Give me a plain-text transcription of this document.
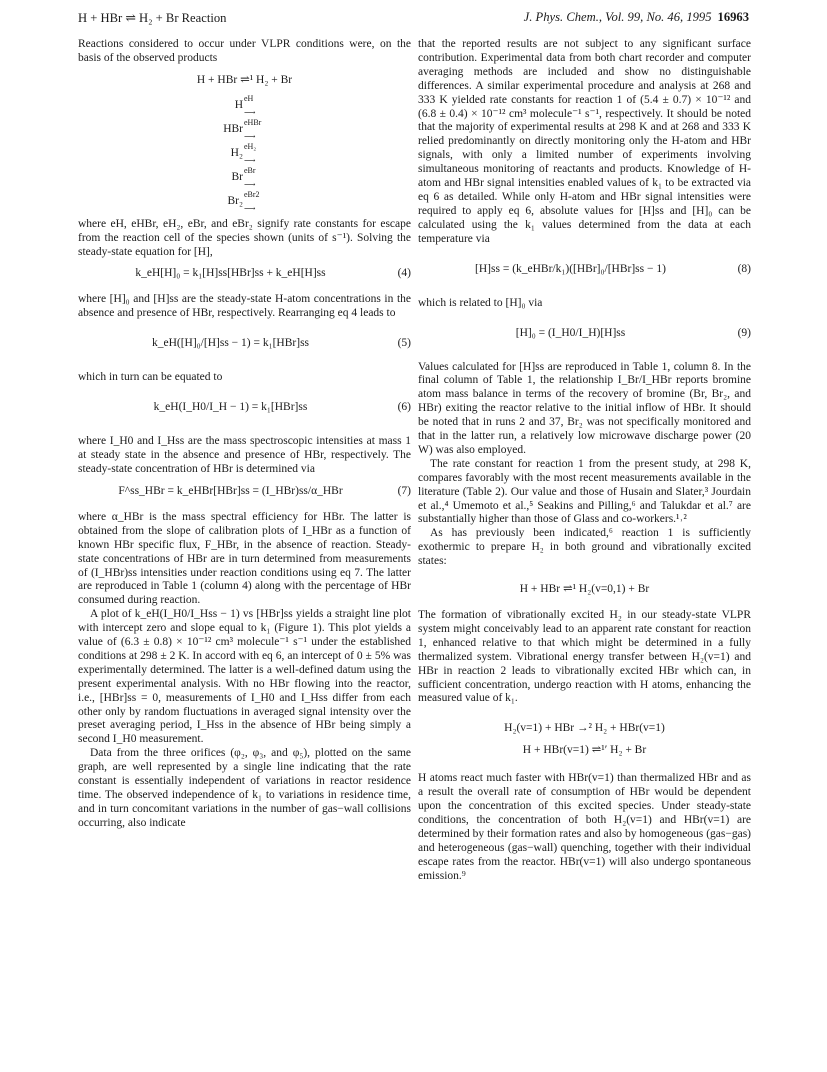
H + HBr ⇌ H₂ + Br Reaction	J. Phys. Chem., Vol. 99, No. 46, 1995 16963

Reactions considered to occur under VLPR conditions were, on the basis of the observed products

H + HBr ⇌¹ H₂ + Br
H
eH
⟶
HBr
eHBr
⟶
H₂
eH₂
⟶
Br
eBr
⟶
Br₂
eBr2
⟶

where eH, eHBr, eH₂, eBr, and eBr₂ signify rate constants for escape from the reaction cell of the species shown (units of s⁻¹). Solving the steady-state equation for [H],

k_eH[H]₀ = k₁[H]ss[HBr]ss + k_eH[H]ss	(4)

where [H]₀ and [H]ss are the steady-state H-atom concentrations in the absence and presence of HBr, respectively. Rearranging eq 4 leads to

k_eH([H]₀/[H]ss − 1) = k₁[HBr]ss	(5)

which in turn can be equated to

k_eH(I_H0/I_H − 1) = k₁[HBr]ss	(6)

where I_H0 and I_Hss are the mass spectroscopic intensities at mass 1 at steady state in the absence and presence of HBr, respectively. The steady-state concentration of HBr is determined via

F^ss_HBr = k_eHBr[HBr]ss = (I_HBr)ss/α_HBr	(7)

where α_HBr is the mass spectral efficiency for HBr. The latter is obtained from the slope of calibration plots of I_HBr as a function of known HBr specific flux, F_HBr, in the absence of reaction. Steady-state concentrations of HBr are in turn determined from measurements of (I_HBr)ss intensities under reaction conditions using eq 7. The latter are reproduced in Table 1 (column 4) along with the percentage of HBr consumed during reaction.

A plot of k_eH(I_H0/I_Hss − 1) vs [HBr]ss yields a straight line plot with intercept zero and slope equal to k₁ (Figure 1). This plot yields a value of (6.3 ± 0.8) × 10⁻¹² cm³ molecule⁻¹ s⁻¹ under the established conditions at 298 ± 2 K. In accord with eq 6, an intercept of 0 ± 5% was experimentally determined. The latter is a well-defined datum using the present experimental analysis. With no HBr flowing into the reactor, i.e., [HBr]ss = 0, measurements of I_H0 and I_Hss differ from each other only by random fluctuations in averaged signal intensity over the preset averaging period, I_Hss in the absence of HBr being simply a second I_H0 measurement.

Data from the three orifices (φ₂, φ₃, and φ₅), plotted on the same graph, are well represented by a single line indicating that the rate constant is essentially independent of variations in reactor residence time. The observed independence of k₁ to variations in residence time, and in turn concomitant variations in the number of gas−wall collisions occurring, also indicate

that the reported results are not subject to any significant surface contribution. Experimental data from both chart recorder and computer averaging methods are included and show no distinguishable differences. A similar experimental procedure and analysis at 268 and 333 K yielded rate constants for reaction 1 of (5.4 ± 0.7) × 10⁻¹² and (6.8 ± 0.4) × 10⁻¹² cm³ molecule⁻¹ s⁻¹, respectively. It should be noted that the majority of experimental results at 298 K and at 268 and 333 K relied predominantly on directly monitoring only the H-atom and HBr signals, with only a limited number of experiments involving simultaneous monitoring of reactants and products. Knowledge of H-atom and HBr signal intensities enabled values of k₁ to be extracted via eq 6 as detailed. While only H-atom and HBr signal intensities were required to apply eq 6, absolute values for [H]ss and [H]₀ can be calculated using the k₁ values determined from the data at each temperature via

[H]ss = (k_eHBr/k₁)([HBr]₀/[HBr]ss − 1)	(8)

which is related to [H]₀ via

[H]₀ = (I_H0/I_H)[H]ss	(9)

Values calculated for [H]ss are reproduced in Table 1, column 8. In the final column of Table 1, the relationship I_Br/I_HBr reports bromine atom mass balance in terms of the recovery of bromine (Br, Br₂, and HBr) exiting the reactor relative to the initial inflow of HBr. It should be noted that in runs 2 and 37, Br₂ was not specifically monitored and that in the latter run, a relatively low microwave discharge power (20 W) was also employed.

The rate constant for reaction 1 from the present study, at 298 K, compares favorably with the most recent measurements available in the literature (Table 2). Our value and those of Husain and Slater,³ Jourdain et al.,⁴ Umemoto et al.,⁵ Seakins and Pilling,⁶ and Talukdar et al.⁷ are substantially higher than those of Glass and co-workers.¹˒²

As has previously been indicated,⁶ reaction 1 is sufficiently exothermic to prepare H₂ in both ground and vibrationally excited states:

H + HBr ⇌¹ H₂(v=0,1) + Br

The formation of vibrationally excited H₂ in our steady-state VLPR system might conceivably lead to an apparent rate constant for reaction 1, enhanced relative to that which might be determined in a fully thermalized system. Vibrational energy transfer between H₂(v=1) and HBr in reaction 2 leads to vibrationally excited HBr which can, in sufficient concentration, undergo reaction with H atoms, enhancing the measured value of k₁.

H₂(v=1) + HBr →² H₂ + HBr(v=1)
H + HBr(v=1) ⇌¹′ H₂ + Br

H atoms react much faster with HBr(v=1) than thermalized HBr and as a result the overall rate of consumption of HBr would be dependent upon the concentration of this excited species. Under steady-state conditions, the concentration of both H₂(v=1) and HBr(v=1) are determined by their formation rates and also by homogeneous (gas−gas) and heterogeneous (gas−wall) quenching, together with their individual escape rates from the reactor. HBr(v=1) will also undergo spontaneous emission.⁹
